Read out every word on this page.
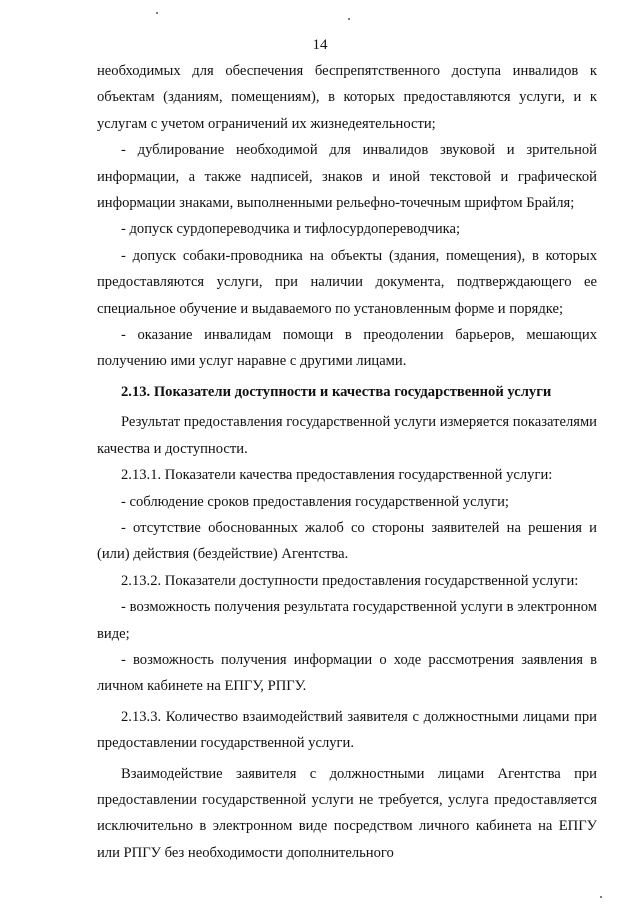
14

необходимых для обеспечения беспрепятственного доступа инвалидов к объектам (зданиям, помещениям), в которых предоставляются услуги, и к услугам с учетом ограничений их жизнедеятельности;

- дублирование необходимой для инвалидов звуковой и зрительной информации, а также надписей, знаков и иной текстовой и графической информации знаками, выполненными рельефно-точечным шрифтом Брайля;

- допуск сурдопереводчика и тифлосурдопереводчика;

- допуск собаки-проводника на объекты (здания, помещения), в которых предоставляются услуги, при наличии документа, подтверждающего ее специальное обучение и выдаваемого по установленным форме и порядке;

- оказание инвалидам помощи в преодолении барьеров, мешающих получению ими услуг наравне с другими лицами.

2.13. Показатели доступности и качества государственной услуги

Результат предоставления государственной услуги измеряется показателями качества и доступности.

2.13.1. Показатели качества предоставления государственной услуги:

- соблюдение сроков предоставления государственной услуги;

- отсутствие обоснованных жалоб со стороны заявителей на решения и (или) действия (бездействие) Агентства.

2.13.2. Показатели доступности предоставления государственной услуги:

- возможность получения результата государственной услуги в электронном виде;

- возможность получения информации о ходе рассмотрения заявления в личном кабинете на ЕПГУ, РПГУ.

2.13.3. Количество взаимодействий заявителя с должностными лицами при предоставлении государственной услуги.

Взаимодействие заявителя с должностными лицами Агентства при предоставлении государственной услуги не требуется, услуга предоставляется исключительно в электронном виде посредством личного кабинета на ЕПГУ или РПГУ без необходимости дополнительного
